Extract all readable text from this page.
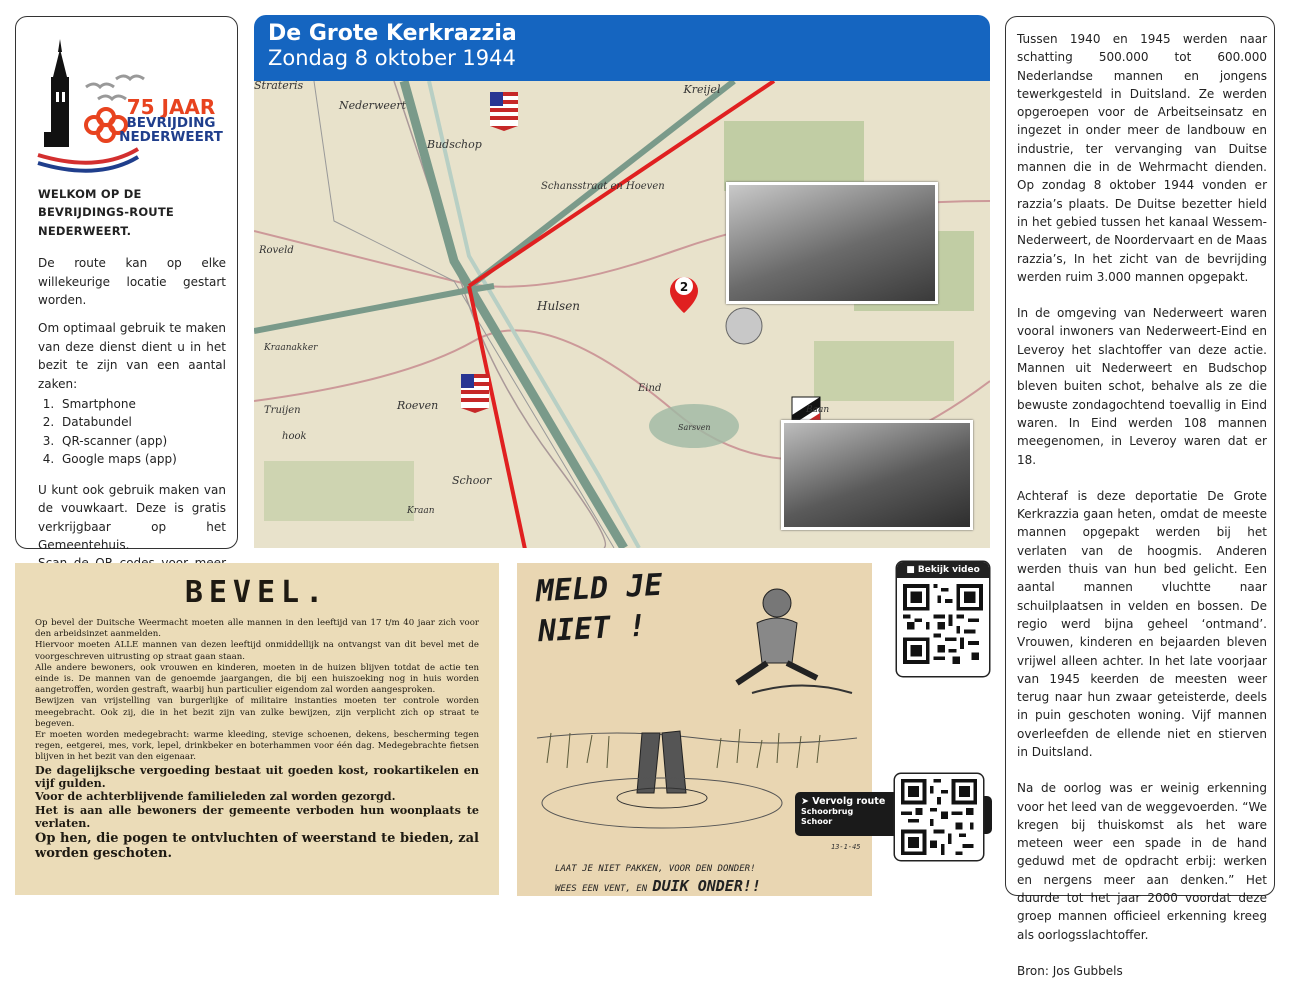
75 JAAR
BEVRIJDING
NEDERWEERT
WELKOM OP DE BEVRIJDINGS-ROUTE NEDERWEERT.

De route kan op elke willekeurige locatie gestart worden.

Om optimaal gebruik te maken van deze dienst dient u in het bezit te zijn van een aantal zaken:

1. Smartphone
2. Databundel
3. QR-scanner (app)
4. Google maps (app)

U kunt ook gebruik maken van de vouwkaart. Deze is gratis verkrijgbaar op het Gemeentehuis.

De Grote Kerkrazzia
Zondag 8 oktober 1944
Kreijel
Strateris
Nederweert
Budschop
Schansstraat en Hoeven
Roveld
Hulsen
Kraanakker
Truijen
hook
Roeven
Schoor
Kraan
Eind
Baan
Sarsven
2
BEVEL.

Op bevel der Duitsche Weermacht moeten alle mannen in den leeftijd van 17 t/m 40 jaar zich voor den arbeidsinzet aanmelden.

Hiervoor moeten ALLE mannen van dezen leeftijd onmiddellijk na ontvangst van dit bevel met de voorgeschreven uitrusting op straat gaan staan.

Alle andere bewoners, ook vrouwen en kinderen, moeten in de huizen blijven totdat de actie ten einde is. De mannen van de genoemde jaargangen, die bij een huiszoeking nog in huis worden aangetroffen, worden gestraft, waarbij hun particulier eigendom zal worden aangesproken.

Bewijzen van vrijstelling van burgerlijke of militaire instanties moeten ter controle worden meegebracht. Ook zij, die in het bezit zijn van zulke bewijzen, zijn verplicht zich op straat te begeven.

Er moeten worden medegebracht: warme kleeding, stevige schoenen, dekens, bescherming tegen regen, eetgerei, mes, vork, lepel, drinkbeker en boterhammen voor één dag. Medegebrachte fietsen blijven in het bezit van den eigenaar.

De dagelijksche vergoeding bestaat uit goeden kost, rookartikelen en vijf gulden.

Voor de achterblijvende familieleden zal worden gezorgd.

Het is aan alle bewoners der gemeente verboden hun woonplaats te verlaten.

Op hen, die pogen te ontvluchten of weerstand te bieden, zal worden geschoten.

MELD JE
NIET !
13-1-45
LAAT JE NIET PAKKEN, VOOR DEN DONDER!
WEES EEN VENT, EN DUIK ONDER!!
■ Bekijk video
➤ Vervolg route
Schoorbrug
Schoor

Tussen 1940 en 1945 werden naar schatting 500.000 tot 600.000 Nederlandse mannen en jongens tewerkgesteld in Duitsland. Ze werden opgeroepen voor de Arbeitseinsatz en ingezet in onder meer de landbouw en industrie, ter vervanging van Duitse mannen die in de Wehrmacht dienden. Op zondag 8 oktober 1944 vonden er razzia’s plaats. De Duitse bezetter hield in het gebied tussen het kanaal Wessem-Nederweert, de Noordervaart en de Maas razzia’s, In het zicht van de bevrijding werden ruim 3.000 mannen opgepakt.

In de omgeving van Nederweert waren vooral inwoners van Nederweert-Eind en Leveroy het slachtoffer van deze actie. Mannen uit Nederweert en Budschop bleven buiten schot, behalve als ze die bewuste zondagochtend toevallig in Eind waren. In Eind werden 108 mannen meegenomen, in Leveroy waren dat er 18.

Achteraf is deze deportatie De Grote Kerkrazzia gaan heten, omdat de meeste mannen opgepakt werden bij het verlaten van de hoogmis. Anderen werden thuis van hun bed gelicht. Een aantal mannen vluchtte naar schuilplaatsen in velden en bossen. De regio werd bijna geheel ‘ontmand’. Vrouwen, kinderen en bejaarden bleven vrijwel alleen achter. In het late voorjaar van 1945 keerden de meesten weer terug naar hun zwaar geteisterde, deels in puin geschoten woning. Vijf mannen overleefden de ellende niet en stierven in Duitsland.

Na de oorlog was er weinig erkenning voor het leed van de weggevoerden. “We kregen bij thuiskomst als het ware meteen weer een spade in de hand geduwd met de opdracht erbij: werken en nergens meer aan denken.” Het duurde tot het jaar 2000 voordat deze groep mannen officieel erkenning kreeg als oorlogsslachtoffer.

Bron: Jos Gubbels
